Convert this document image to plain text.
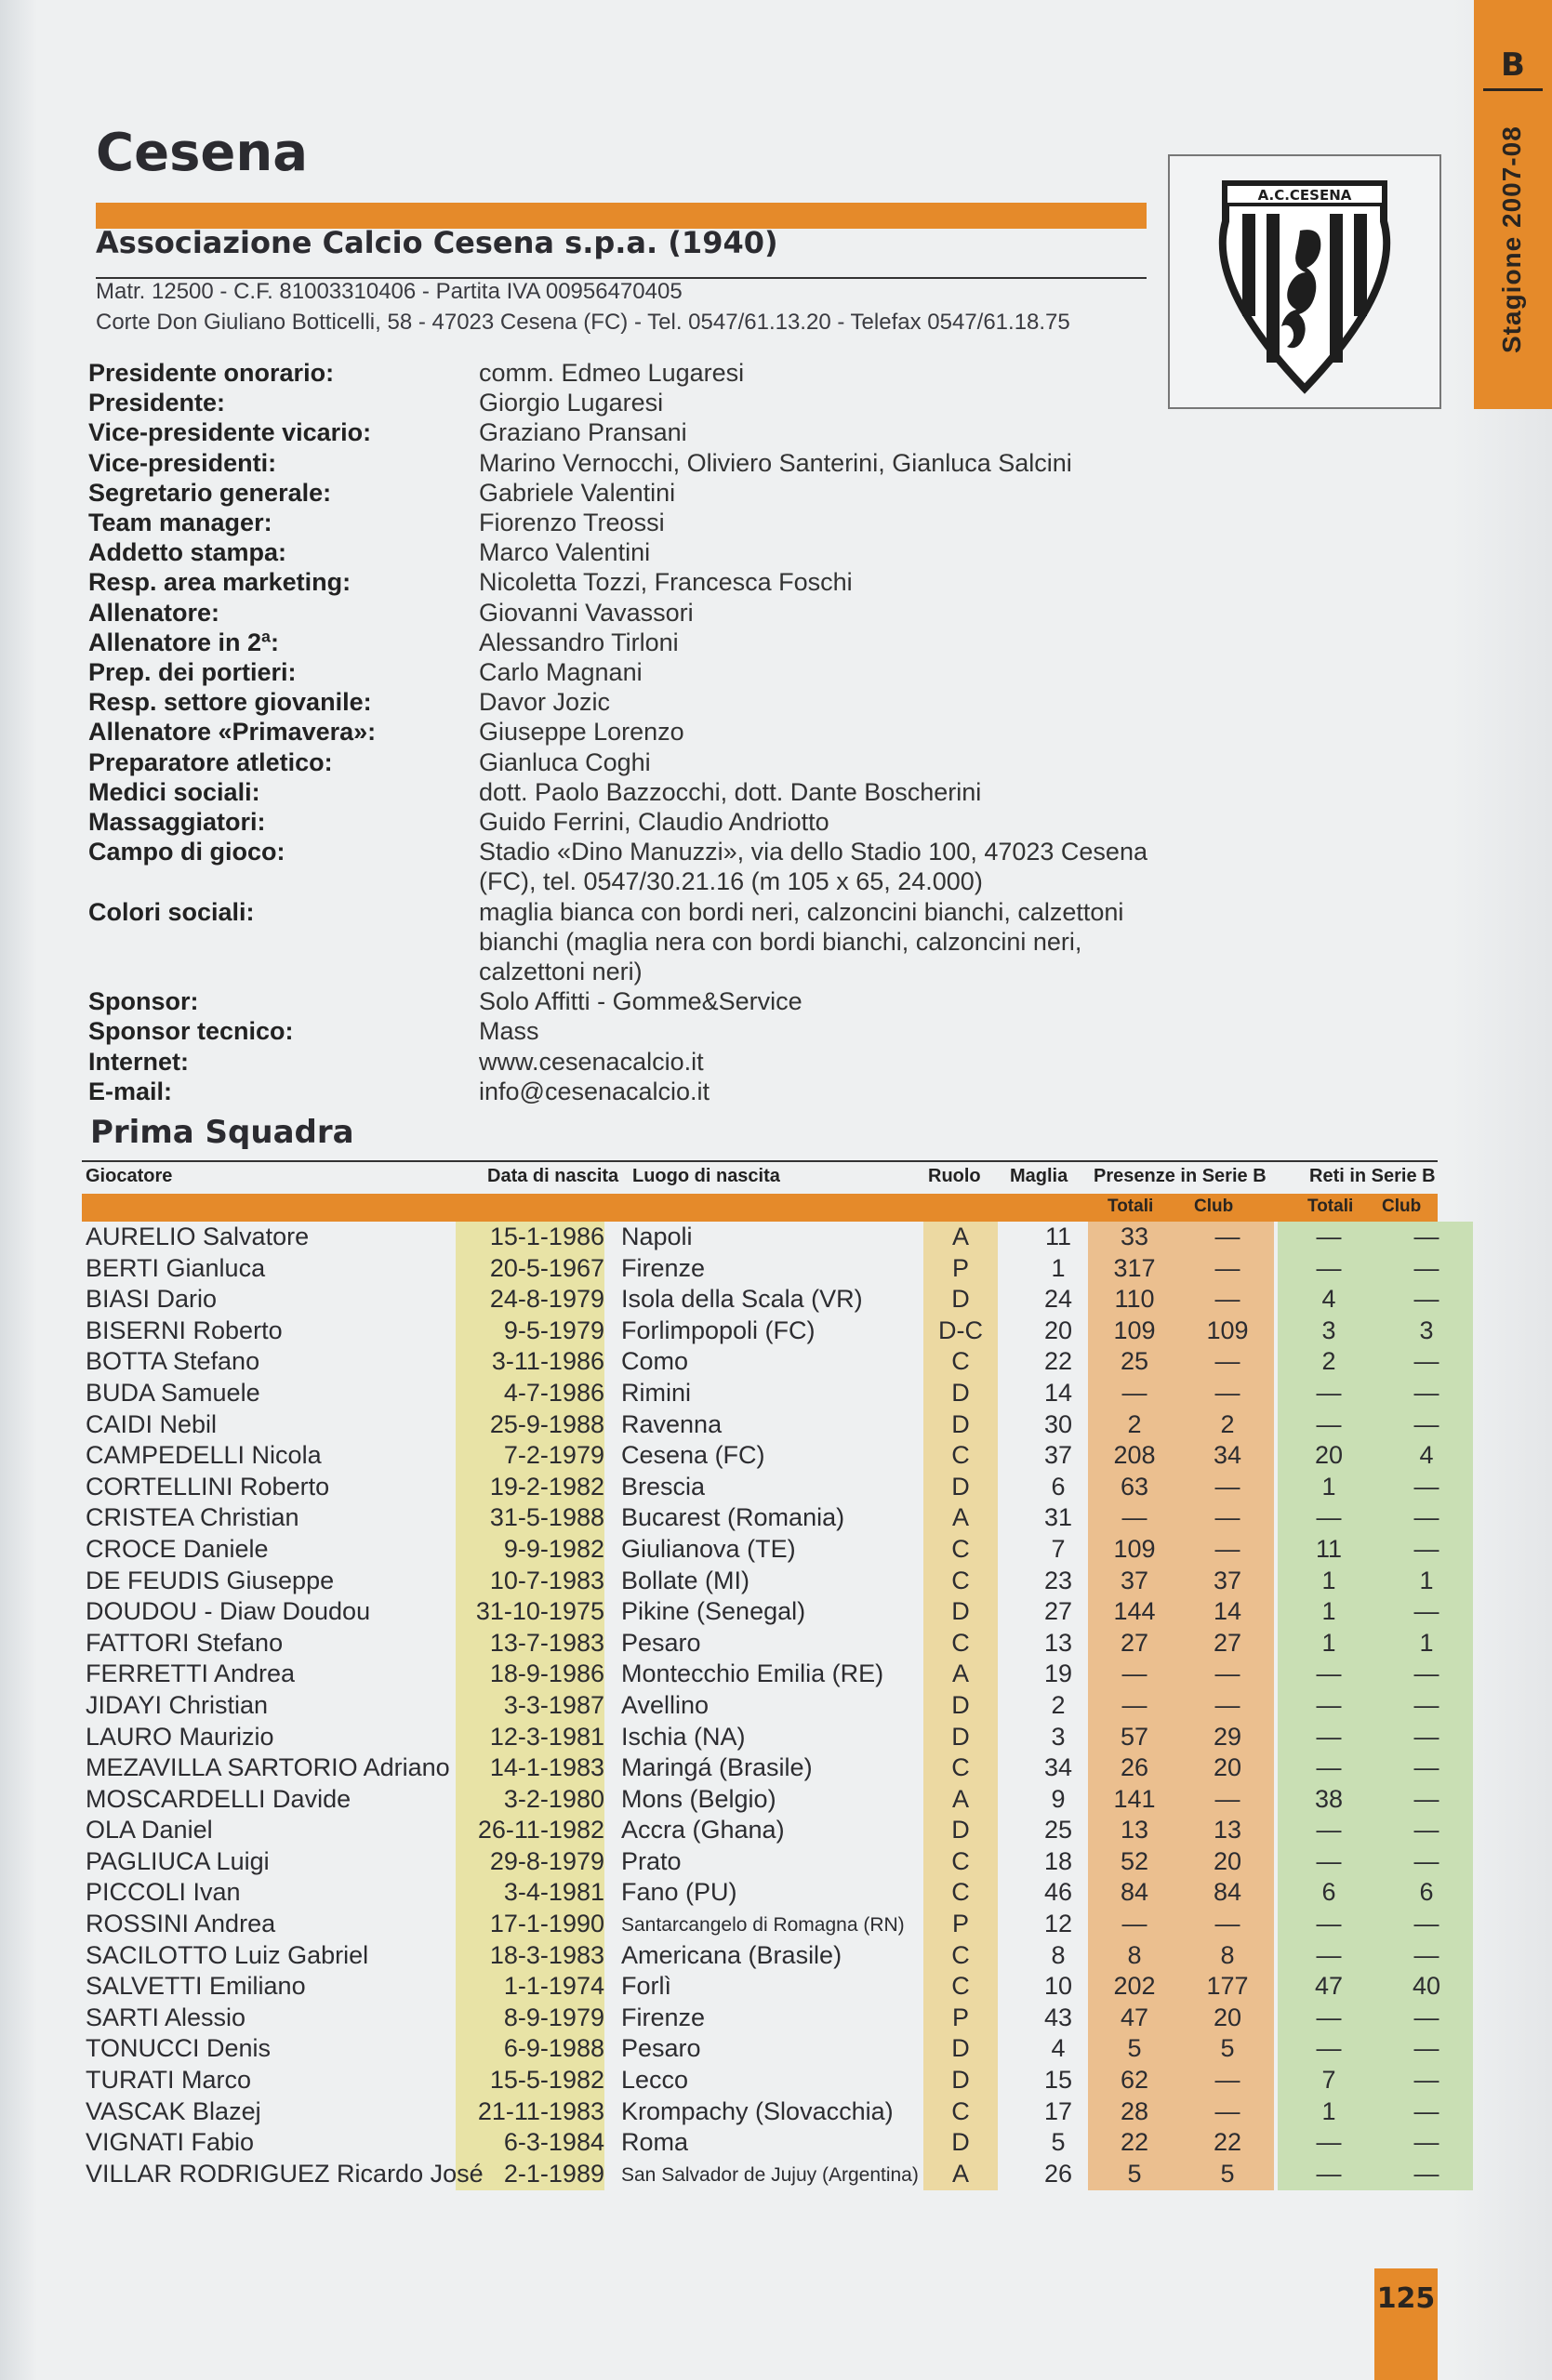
B
Stagione 2007-08
Cesena
Associazione Calcio Cesena s.p.a. (1940)
Matr. 12500 - C.F. 81003310406 - Partita IVA 00956470405
Corte Don Giuliano Botticelli, 58 - 47023 Cesena (FC) - Tel. 0547/61.13.20 - Telefax 0547/61.18.75
A.C.CESENA
Presidente onorario:	comm. Edmeo Lugaresi
Presidente:	Giorgio Lugaresi
Vice-presidente vicario:	Graziano Pransani
Vice-presidenti:	Marino Vernocchi, Oliviero Santerini, Gianluca Salcini
Segretario generale:	Gabriele Valentini
Team manager:	Fiorenzo Treossi
Addetto stampa:	Marco Valentini
Resp. area marketing:	Nicoletta Tozzi, Francesca Foschi
Allenatore:	Giovanni Vavassori
Allenatore in 2ª:	Alessandro Tirloni
Prep. dei portieri:	Carlo Magnani
Resp. settore giovanile:	Davor Jozic
Allenatore «Primavera»:	Giuseppe Lorenzo
Preparatore atletico:	Gianluca Coghi
Medici sociali:	dott. Paolo Bazzocchi, dott. Dante Boscherini
Massaggiatori:	Guido Ferrini, Claudio Andriotto
Campo di gioco:	Stadio «Dino Manuzzi», via dello Stadio 100, 47023 Cesena (FC), tel. 0547/30.21.16 (m 105 x 65, 24.000)
Colori sociali:	maglia bianca con bordi neri, calzoncini bianchi, calzettoni bianchi (maglia nera con bordi bianchi, calzoncini neri, calzettoni neri)
Sponsor:	Solo Affitti - Gomme&Service
Sponsor tecnico:	Mass
Internet:	www.cesenacalcio.it
E-mail:	info@cesenacalcio.it
Prima Squadra
Giocatore	Data di nascita Luogo di nascita	Ruolo Maglia Presenze in Serie B Reti in Serie B
Totali Club	Totali Club
AURELIO Salvatore	15-1-1986 Napoli	A	11	33	—	—	—
BERTI Gianluca	20-5-1967 Firenze	P	1	317	—	—	—
BIASI Dario	24-8-1979 Isola della Scala (VR)	D	24	110	—	4	—
BISERNI Roberto	9-5-1979 Forlimpopoli (FC)	D-C	20	109	109	3	3
BOTTA Stefano	3-11-1986 Como	C	22	25	—	2	—
BUDA Samuele	4-7-1986 Rimini	D	14	—	—	—	—
CAIDI Nebil	25-9-1988 Ravenna	D	30	2	2	—	—
CAMPEDELLI Nicola	7-2-1979 Cesena (FC)	C	37	208	34	20	4
CORTELLINI Roberto	19-2-1982 Brescia	D	6	63	—	1	—
CRISTEA Christian	31-5-1988 Bucarest (Romania)	A	31	—	—	—	—
CROCE Daniele	9-9-1982 Giulianova (TE)	C	7	109	—	11	—
DE FEUDIS Giuseppe	10-7-1983 Bollate (MI)	C	23	37	37	1	1
DOUDOU - Diaw Doudou	31-10-1975 Pikine (Senegal)	D	27	144	14	1	—
FATTORI Stefano	13-7-1983 Pesaro	C	13	27	27	1	1
FERRETTI Andrea	18-9-1986 Montecchio Emilia (RE)	A	19	—	—	—	—
JIDAYI Christian	3-3-1987 Avellino	D	2	—	—	—	—
LAURO Maurizio	12-3-1981 Ischia (NA)	D	3	57	29	—	—
MEZAVILLA SARTORIO Adriano	14-1-1983 Maringá (Brasile)	C	34	26	20	—	—
MOSCARDELLI Davide	3-2-1980 Mons (Belgio)	A	9	141	—	38	—
OLA Daniel	26-11-1982 Accra (Ghana)	D	25	13	13	—	—
PAGLIUCA Luigi	29-8-1979 Prato	C	18	52	20	—	—
PICCOLI Ivan	3-4-1981 Fano (PU)	C	46	84	84	6	6
ROSSINI Andrea	17-1-1990 Santarcangelo di Romagna (RN)	P	12	—	—	—	—
SACILOTTO Luiz Gabriel	18-3-1983 Americana (Brasile)	C	8	8	8	—	—
SALVETTI Emiliano	1-1-1974 Forlì	C	10	202	177	47	40
SARTI Alessio	8-9-1979 Firenze	P	43	47	20	—	—
TONUCCI Denis	6-9-1988 Pesaro	D	4	5	5	—	—
TURATI Marco	15-5-1982 Lecco	D	15	62	—	7	—
VASCAK Blazej	21-11-1983 Krompachy (Slovacchia)	C	17	28	—	1	—
VIGNATI Fabio	6-3-1984 Roma	D	5	22	22	—	—
VILLAR RODRIGUEZ Ricardo José 2-1-1989 San Salvador de Jujuy (Argentina)	A	26	5	5	—	—
125
